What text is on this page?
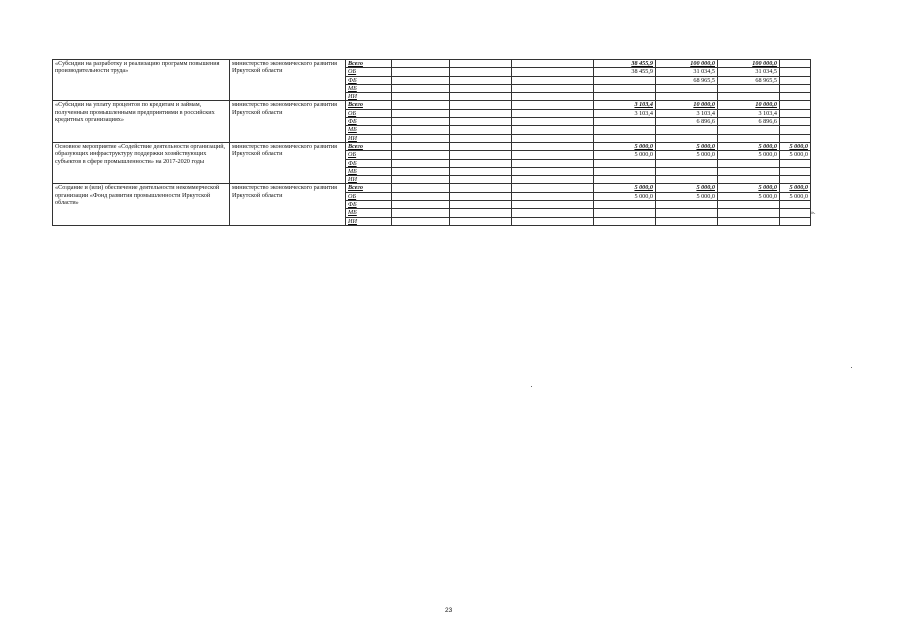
«Субсидии на разработку и реализацию программ повышения производительности труда»	министерство экономического развития Иркутской области	Всего				38 455,9	100 000,0	100 000,0	
		ОБ				38 455,9	31 034,5	31 034,5	
		ФБ					68 965,5	68 965,5	
		МБ							
		ИИ							
«Субсидии на уплату процентов по кредитам и займам, полученным промышленными предприятиями в российских кредитных организациях»	министерство экономического развития Иркутской области	Всего				3 103,4	10 000,0	10 000,0	
		ОБ				3 103,4	3 103,4	3 103,4	
		ФБ					6 896,6	6 896,6	
		МБ							
		ИИ							
Основное мероприятие «Содействие деятельности организаций, образующих инфраструктуру поддержки хозяйствующих субъектов в сфере промышленности» на 2017-2020 годы	министерство экономического развития Иркутской области	Всего				5 000,0	5 000,0	5 000,0	5 000,0
		ОБ				5 000,0	5 000,0	5 000,0	5 000,0
		ФБ							
		МБ							
		ИИ							
«Создание и (или) обеспечение деятельности некоммерческой организации «Фонд развития промышленности Иркутской области»	министерство экономического развития Иркутской области	Всего				5 000,0	5 000,0	5 000,0	5 000,0
		ОБ				5 000,0	5 000,0	5 000,0	5 000,0
		ФБ							
		МБ							
		ИИ							
».
23
